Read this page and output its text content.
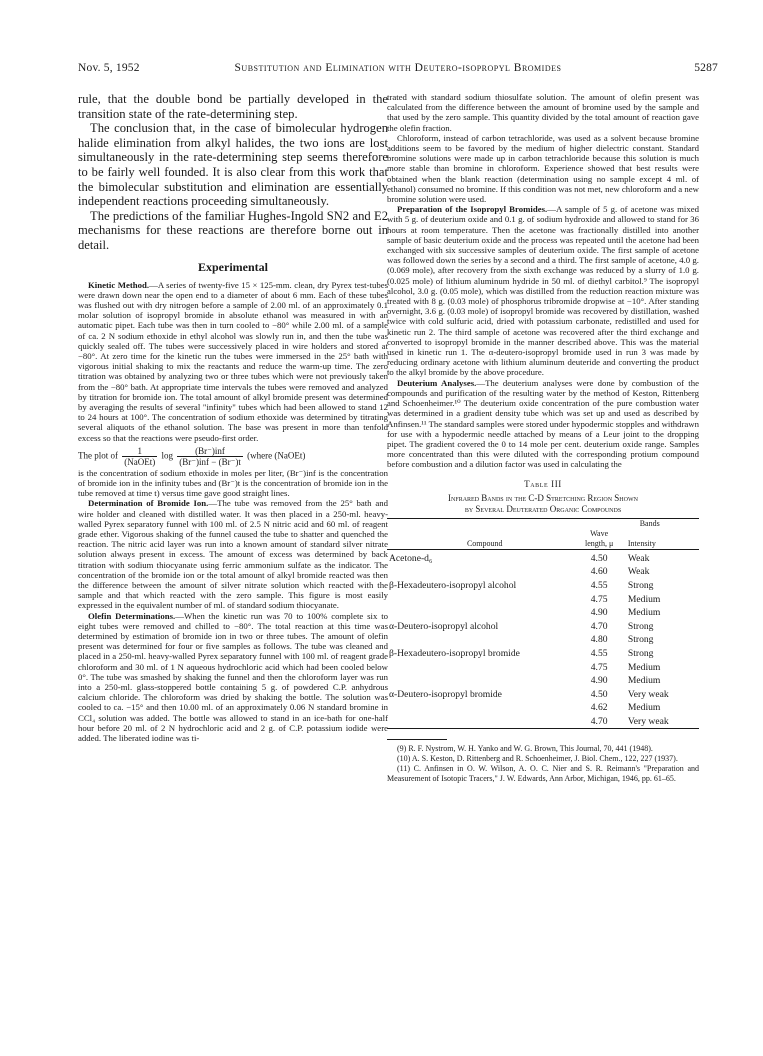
Nov. 5, 1952	Substitution and Elimination with Deutero-isopropyl Bromides	5287

rule, that the double bond be partially developed in the transition state of the rate-determining step.

The conclusion that, in the case of bimolecular hydrogen halide elimination from alkyl halides, the two ions are lost simultaneously in the rate-determining step seems therefore to be fairly well founded. It is also clear from this work that the bimolecular substitution and elimination are essentially independent reactions proceeding simultaneously.

The predictions of the familiar Hughes-Ingold SN2 and E2 mechanisms for these reactions are therefore borne out in detail.

Experimental

Kinetic Method.—A series of twenty-five 15 × 125-mm. clean, dry Pyrex test-tubes were drawn down near the open end to a diameter of about 6 mm. Each of these tubes was flushed out with dry nitrogen before a sample of 2.00 ml. of an approximately 0.1 molar solution of isopropyl bromide in absolute ethanol was measured in with an automatic pipet. Each tube was then in turn cooled to −80° while 2.00 ml. of a sample of ca. 2 N sodium ethoxide in ethyl alcohol was slowly run in, and then the tube was quickly sealed off. The tubes were successively placed in wire holders and stored at −80°. At zero time for the kinetic run the tubes were immersed in the 25° bath with vigorous initial shaking to mix the reactants and reduce the warm-up time. The zero titration was obtained by analyzing two or three tubes which were not previously taken from the −80° bath. At appropriate time intervals the tubes were removed and analyzed by titration for bromide ion. The total amount of alkyl bromide present was determined by averaging the results of several "infinity" tubes which had been allowed to stand 12 to 24 hours at 100°. The concentration of sodium ethoxide was determined by titrating several aliquots of the ethanol solution. The base was present in more than tenfold excess so that the reactions were pseudo-first order.

The plot of $\frac{1}{\text{(NaOEt)}}$ $\log \frac{\text{(Br⁻)inf}}{\text{(Br⁻)inf − (Br⁻)t}}$ (where (NaOEt)

is the concentration of sodium ethoxide in moles per liter, (Br⁻)inf is the concentration of bromide ion in the infinity tubes and (Br⁻)t is the concentration of bromide ion in the tube removed at time t) versus time gave good straight lines.

Determination of Bromide Ion.—The tube was removed from the 25° bath and wire holder and cleaned with distilled water. It was then placed in a 250-ml. heavy-walled Pyrex separatory funnel with 100 ml. of 2.5 N nitric acid and 60 ml. of reagent grade ether. Vigorous shaking of the funnel caused the tube to shatter and quenched the reaction. The nitric acid layer was run into a known amount of standard silver nitrate solution always present in excess. The amount of excess was determined by back titration with sodium thiocyanate using ferric ammonium sulfate as the indicator. The concentration of the bromide ion or the total amount of alkyl bromide reacted was then the difference between the amount of silver nitrate solution which reacted with the sample and that which reacted with the zero sample. This figure is most easily expressed in the equivalent number of ml. of standard sodium thiocyanate.

Olefin Determinations.—When the kinetic run was 70 to 100% complete six to eight tubes were removed and chilled to −80°. The total reaction at this time was determined by estimation of bromide ion in two or three tubes. The amount of olefin present was determined for four or five samples as follows. The tube was cleaned and placed in a 250-ml. heavy-walled Pyrex separatory funnel with 100 ml. of reagent grade chloroform and 30 ml. of 1 N aqueous hydrochloric acid which had been cooled below 0°. The tube was smashed by shaking the funnel and then the chloroform layer was run into a 250-ml. glass-stoppered bottle containing 5 g. of powdered C.P. anhydrous calcium chloride. The chloroform was dried by shaking the bottle. The solution was cooled to ca. −15° and then 10.00 ml. of an approximately 0.06 N standard bromine in CCl₄ solution was added. The bottle was allowed to stand in an ice-bath for one-half hour before 20 ml. of 2 N hydrochloric acid and 2 g. of C.P. potassium iodide were added. The liberated iodine was ti-

trated with standard sodium thiosulfate solution. The amount of olefin present was calculated from the difference between the amount of bromine used by the sample and that used by the zero sample. This quantity divided by the total amount of reaction gave the olefin fraction.

Chloroform, instead of carbon tetrachloride, was used as a solvent because bromine additions seem to be favored by the medium of higher dielectric constant. Standard bromine solutions were made up in carbon tetrachloride because this solution is much more stable than bromine in chloroform. Experience showed that best results were obtained when the blank reaction (determination using no sample except 4 ml. of ethanol) consumed no bromine. If this condition was not met, new chloroform and a new bromine solution were used.

Preparation of the Isopropyl Bromides.—A sample of 5 g. of acetone was mixed with 5 g. of deuterium oxide and 0.1 g. of sodium hydroxide and allowed to stand for 36 hours at room temperature. Then the acetone was fractionally distilled into another sample of basic deuterium oxide and the process was repeated until the acetone had been exchanged with six successive samples of deuterium oxide. The first sample of acetone was followed down the series by a second and a third. The first sample of acetone, 4.0 g. (0.069 mole), after recovery from the sixth exchange was reduced by a slurry of 1.0 g. (0.025 mole) of lithium aluminum hydride in 50 ml. of diethyl carbitol.⁹ The isopropyl alcohol, 3.0 g. (0.05 mole), which was distilled from the reduction reaction mixture was treated with 8 g. (0.03 mole) of phosphorus tribromide dropwise at −10°. After standing overnight, 3.6 g. (0.03 mole) of isopropyl bromide was recovered by distillation, washed twice with cold sulfuric acid, dried with potassium carbonate, redistilled and used for kinetic run 2. The third sample of acetone was recovered after the third exchange and converted to isopropyl bromide in the manner described above. This was the material used in kinetic run 1. The α-deutero-isopropyl bromide used in run 3 was made by reducing ordinary acetone with lithium aluminum deuteride and converting the product to the alkyl bromide by the above procedure.

Deuterium Analyses.—The deuterium analyses were done by combustion of the compounds and purification of the resulting water by the method of Keston, Rittenberg and Schoenheimer.¹⁰ The deuterium oxide concentration of the pure combustion water was determined in a gradient density tube which was set up and used as described by Anfinsen.¹¹ The standard samples were stored under hypodermic stopples and withdrawn for use with a hypodermic needle attached by means of a Leur joint to the dropping pipet. The gradient covered the 0 to 14 mole per cent. deuterium oxide range. Samples more concentrated than this were diluted with the corresponding protium compound before combustion and a dilution factor was used in calculating the

Table III
Infrared Bands in the C-D Stretching Region Shown
by Several Deuterated Organic Compounds
	Bands	
	Wave	
Compound	length, μ	Intensity
Acetone-d₆	4.50	Weak
	4.60	Weak
β-Hexadeutero-isopropyl alcohol	4.55	Strong
	4.75	Medium
	4.90	Medium
α-Deutero-isopropyl alcohol	4.70	Strong
	4.80	Strong
β-Hexadeutero-isopropyl bromide	4.55	Strong
	4.75	Medium
	4.90	Medium
α-Deutero-isopropyl bromide	4.50	Very weak
	4.62	Medium
	4.70	Very weak

(9) R. F. Nystrom, W. H. Yanko and W. G. Brown, This Journal, 70, 441 (1948).

(10) A. S. Keston, D. Rittenberg and R. Schoenheimer, J. Biol. Chem., 122, 227 (1937).

(11) C. Anfinsen in O. W. Wilson, A. O. C. Nier and S. R. Reimann's "Preparation and Measurement of Isotopic Tracers," J. W. Edwards, Ann Arbor, Michigan, 1946, pp. 61–65.
